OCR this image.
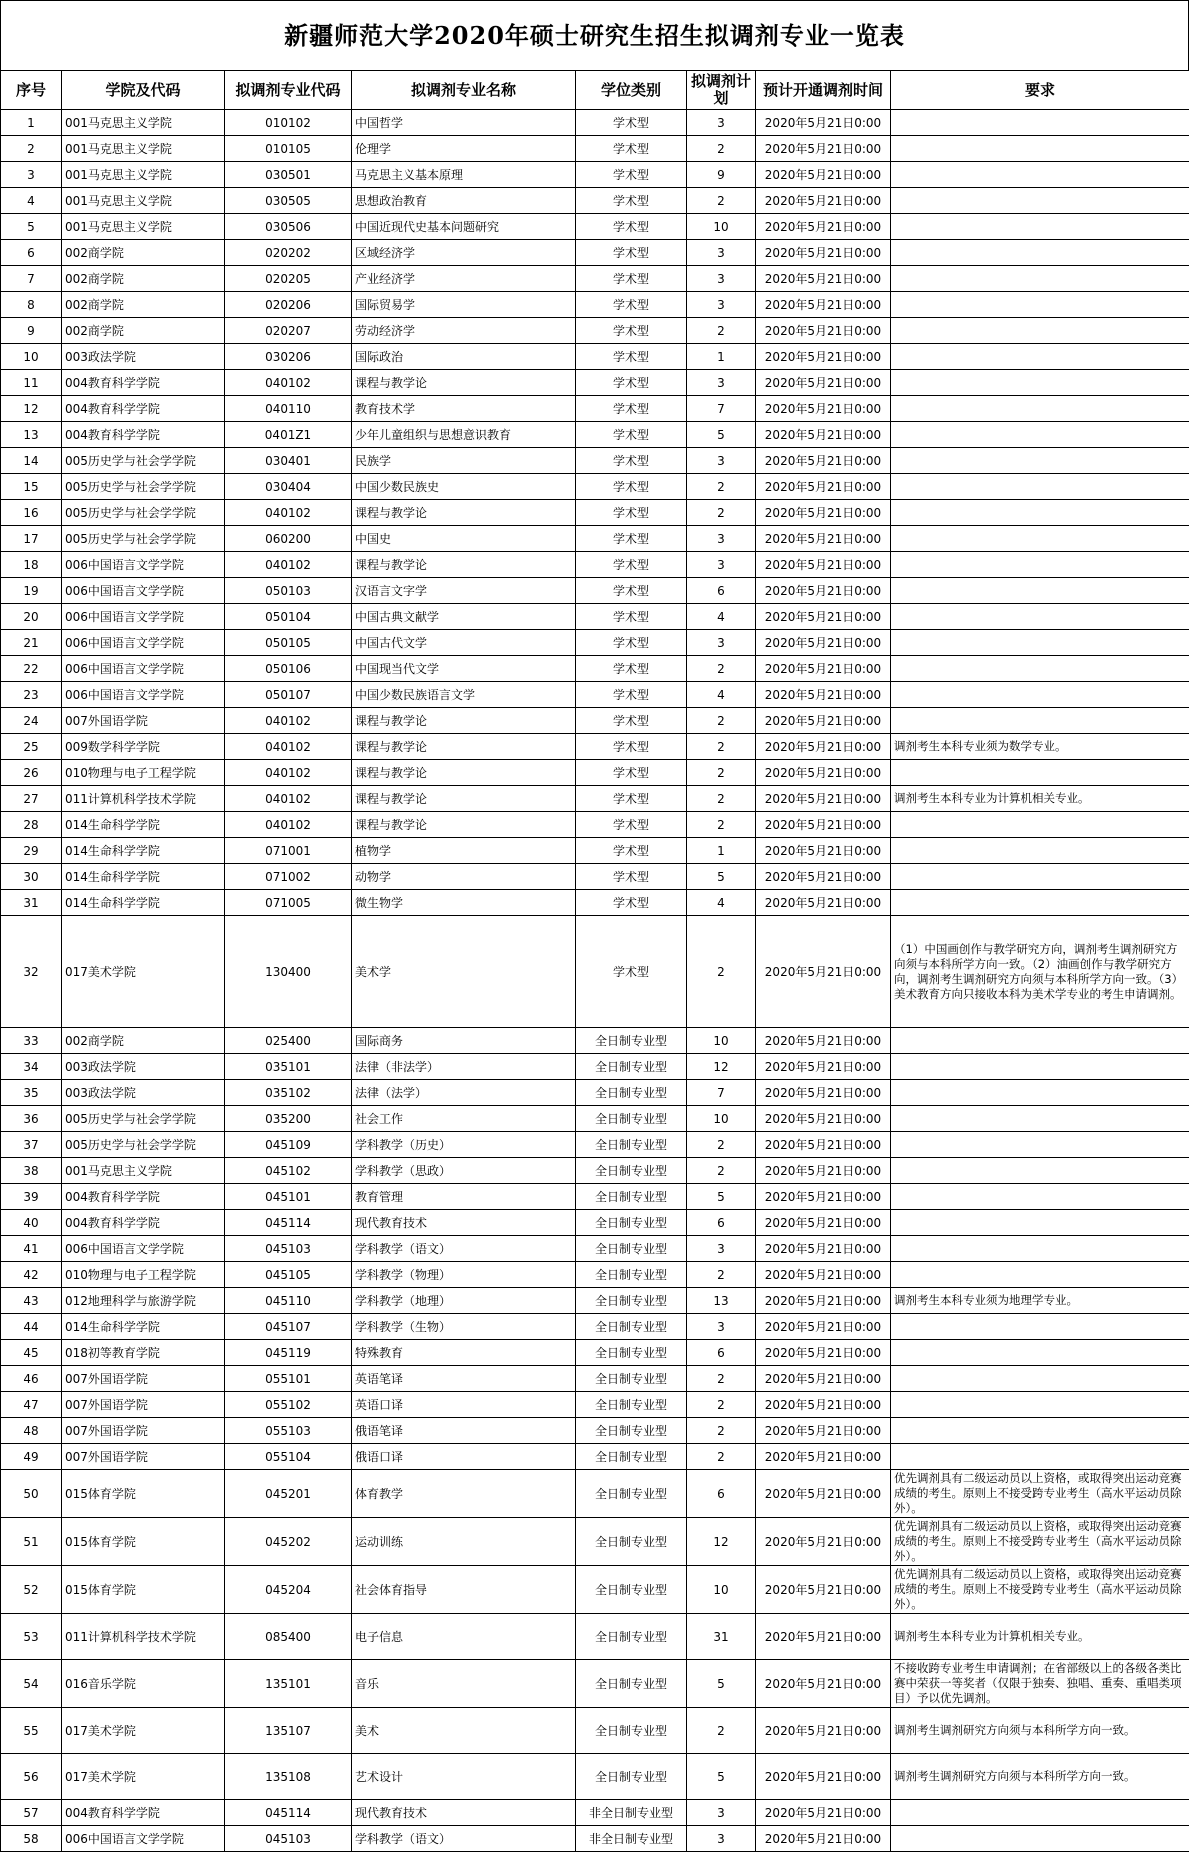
新疆师范大学2020年硕士研究生招生拟调剂专业一览表
序号	学院及代码	拟调剂专业代码	拟调剂专业名称	学位类别	拟调剂计划	预计开通调剂时间	要求
1	001马克思主义学院	010102	中国哲学	学术型	3	2020年5月21日0:00	
2	001马克思主义学院	010105	伦理学	学术型	2	2020年5月21日0:00	
3	001马克思主义学院	030501	马克思主义基本原理	学术型	9	2020年5月21日0:00	
4	001马克思主义学院	030505	思想政治教育	学术型	2	2020年5月21日0:00	
5	001马克思主义学院	030506	中国近现代史基本问题研究	学术型	10	2020年5月21日0:00	
6	002商学院	020202	区域经济学	学术型	3	2020年5月21日0:00	
7	002商学院	020205	产业经济学	学术型	3	2020年5月21日0:00	
8	002商学院	020206	国际贸易学	学术型	3	2020年5月21日0:00	
9	002商学院	020207	劳动经济学	学术型	2	2020年5月21日0:00	
10	003政法学院	030206	国际政治	学术型	1	2020年5月21日0:00	
11	004教育科学学院	040102	课程与教学论	学术型	3	2020年5月21日0:00	
12	004教育科学学院	040110	教育技术学	学术型	7	2020年5月21日0:00	
13	004教育科学学院	0401Z1	少年儿童组织与思想意识教育	学术型	5	2020年5月21日0:00	
14	005历史学与社会学学院	030401	民族学	学术型	3	2020年5月21日0:00	
15	005历史学与社会学学院	030404	中国少数民族史	学术型	2	2020年5月21日0:00	
16	005历史学与社会学学院	040102	课程与教学论	学术型	2	2020年5月21日0:00	
17	005历史学与社会学学院	060200	中国史	学术型	3	2020年5月21日0:00	
18	006中国语言文学学院	040102	课程与教学论	学术型	3	2020年5月21日0:00	
19	006中国语言文学学院	050103	汉语言文字学	学术型	6	2020年5月21日0:00	
20	006中国语言文学学院	050104	中国古典文献学	学术型	4	2020年5月21日0:00	
21	006中国语言文学学院	050105	中国古代文学	学术型	3	2020年5月21日0:00	
22	006中国语言文学学院	050106	中国现当代文学	学术型	2	2020年5月21日0:00	
23	006中国语言文学学院	050107	中国少数民族语言文学	学术型	4	2020年5月21日0:00	
24	007外国语学院	040102	课程与教学论	学术型	2	2020年5月21日0:00	
25	009数学科学学院	040102	课程与教学论	学术型	2	2020年5月21日0:00	调剂考生本科专业须为数学专业。
26	010物理与电子工程学院	040102	课程与教学论	学术型	2	2020年5月21日0:00	
27	011计算机科学技术学院	040102	课程与教学论	学术型	2	2020年5月21日0:00	调剂考生本科专业为计算机相关专业。
28	014生命科学学院	040102	课程与教学论	学术型	2	2020年5月21日0:00	
29	014生命科学学院	071001	植物学	学术型	1	2020年5月21日0:00	
30	014生命科学学院	071002	动物学	学术型	5	2020年5月21日0:00	
31	014生命科学学院	071005	微生物学	学术型	4	2020年5月21日0:00	
32	017美术学院	130400	美术学	学术型	2	2020年5月21日0:00	（1）中国画创作与教学研究方向，调剂考生调剂研究方向须与本科所学方向一致。（2）油画创作与教学研究方向，调剂考生调剂研究方向须与本科所学方向一致。（3）美术教育方向只接收本科为美术学专业的考生申请调剂。
33	002商学院	025400	国际商务	全日制专业型	10	2020年5月21日0:00	
34	003政法学院	035101	法律（非法学）	全日制专业型	12	2020年5月21日0:00	
35	003政法学院	035102	法律（法学）	全日制专业型	7	2020年5月21日0:00	
36	005历史学与社会学学院	035200	社会工作	全日制专业型	10	2020年5月21日0:00	
37	005历史学与社会学学院	045109	学科教学（历史）	全日制专业型	2	2020年5月21日0:00	
38	001马克思主义学院	045102	学科教学（思政）	全日制专业型	2	2020年5月21日0:00	
39	004教育科学学院	045101	教育管理	全日制专业型	5	2020年5月21日0:00	
40	004教育科学学院	045114	现代教育技术	全日制专业型	6	2020年5月21日0:00	
41	006中国语言文学学院	045103	学科教学（语文）	全日制专业型	3	2020年5月21日0:00	
42	010物理与电子工程学院	045105	学科教学（物理）	全日制专业型	2	2020年5月21日0:00	
43	012地理科学与旅游学院	045110	学科教学（地理）	全日制专业型	13	2020年5月21日0:00	调剂考生本科专业须为地理学专业。
44	014生命科学学院	045107	学科教学（生物）	全日制专业型	3	2020年5月21日0:00	
45	018初等教育学院	045119	特殊教育	全日制专业型	6	2020年5月21日0:00	
46	007外国语学院	055101	英语笔译	全日制专业型	2	2020年5月21日0:00	
47	007外国语学院	055102	英语口译	全日制专业型	2	2020年5月21日0:00	
48	007外国语学院	055103	俄语笔译	全日制专业型	2	2020年5月21日0:00	
49	007外国语学院	055104	俄语口译	全日制专业型	2	2020年5月21日0:00	
50	015体育学院	045201	体育教学	全日制专业型	6	2020年5月21日0:00	优先调剂具有二级运动员以上资格，或取得突出运动竞赛成绩的考生。原则上不接受跨专业考生（高水平运动员除外）。
51	015体育学院	045202	运动训练	全日制专业型	12	2020年5月21日0:00	优先调剂具有二级运动员以上资格，或取得突出运动竞赛成绩的考生。原则上不接受跨专业考生（高水平运动员除外）。
52	015体育学院	045204	社会体育指导	全日制专业型	10	2020年5月21日0:00	优先调剂具有二级运动员以上资格，或取得突出运动竞赛成绩的考生。原则上不接受跨专业考生（高水平运动员除外）。
53	011计算机科学技术学院	085400	电子信息	全日制专业型	31	2020年5月21日0:00	调剂考生本科专业为计算机相关专业。
54	016音乐学院	135101	音乐	全日制专业型	5	2020年5月21日0:00	不接收跨专业考生申请调剂；在省部级以上的各级各类比赛中荣获一等奖者（仅限于独奏、独唱、重奏、重唱类项目）予以优先调剂。
55	017美术学院	135107	美术	全日制专业型	2	2020年5月21日0:00	调剂考生调剂研究方向须与本科所学方向一致。
56	017美术学院	135108	艺术设计	全日制专业型	5	2020年5月21日0:00	调剂考生调剂研究方向须与本科所学方向一致。
57	004教育科学学院	045114	现代教育技术	非全日制专业型	3	2020年5月21日0:00	
58	006中国语言文学学院	045103	学科教学（语文）	非全日制专业型	3	2020年5月21日0:00	
